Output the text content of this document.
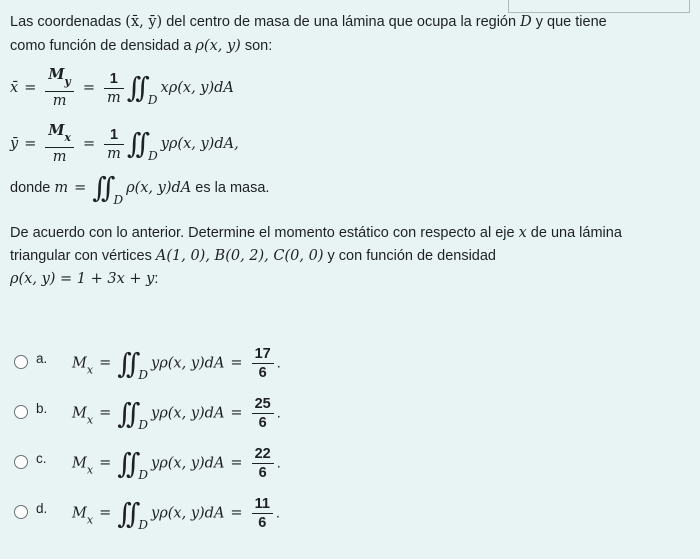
Las coordenadas (x̄, ȳ) del centro de masa de una lámina que ocupa la región D y que tiene
como función de densidad a ρ(x, y) son:
x̄ = $\frac{M_y}{m} = \frac{1}{m}$ ∫∫ $_D$xρ(x, y)dA
ȳ = $\frac{M_x}{m} = \frac{1}{m}$ ∫∫ $_D$yρ(x, y)dA,
donde m = ∫∫ $_D$ρ(x, y)dA es la masa.
De acuerdo con lo anterior. Determine el momento estático con respecto al eje x de una lámina
triangular con vértices A(1, 0), B(0, 2), C(0, 0) y con función de densidad
ρ(x, y) = 1 + 3x + y:
a. $M_x$ = ∫∫ $_D$yρ(x, $y)dA = \frac{17}{6}$ .
b. $M_x$ = ∫∫ $_D$yρ(x, $y)dA = \frac{25}{6}$ .
c. $M_x$ = ∫∫ $_D$yρ(x, $y)dA = \frac{22}{6}$ .
d. $M_x$ = ∫∫ $_D$yρ(x, $y)dA = \frac{11}{6}$ .
